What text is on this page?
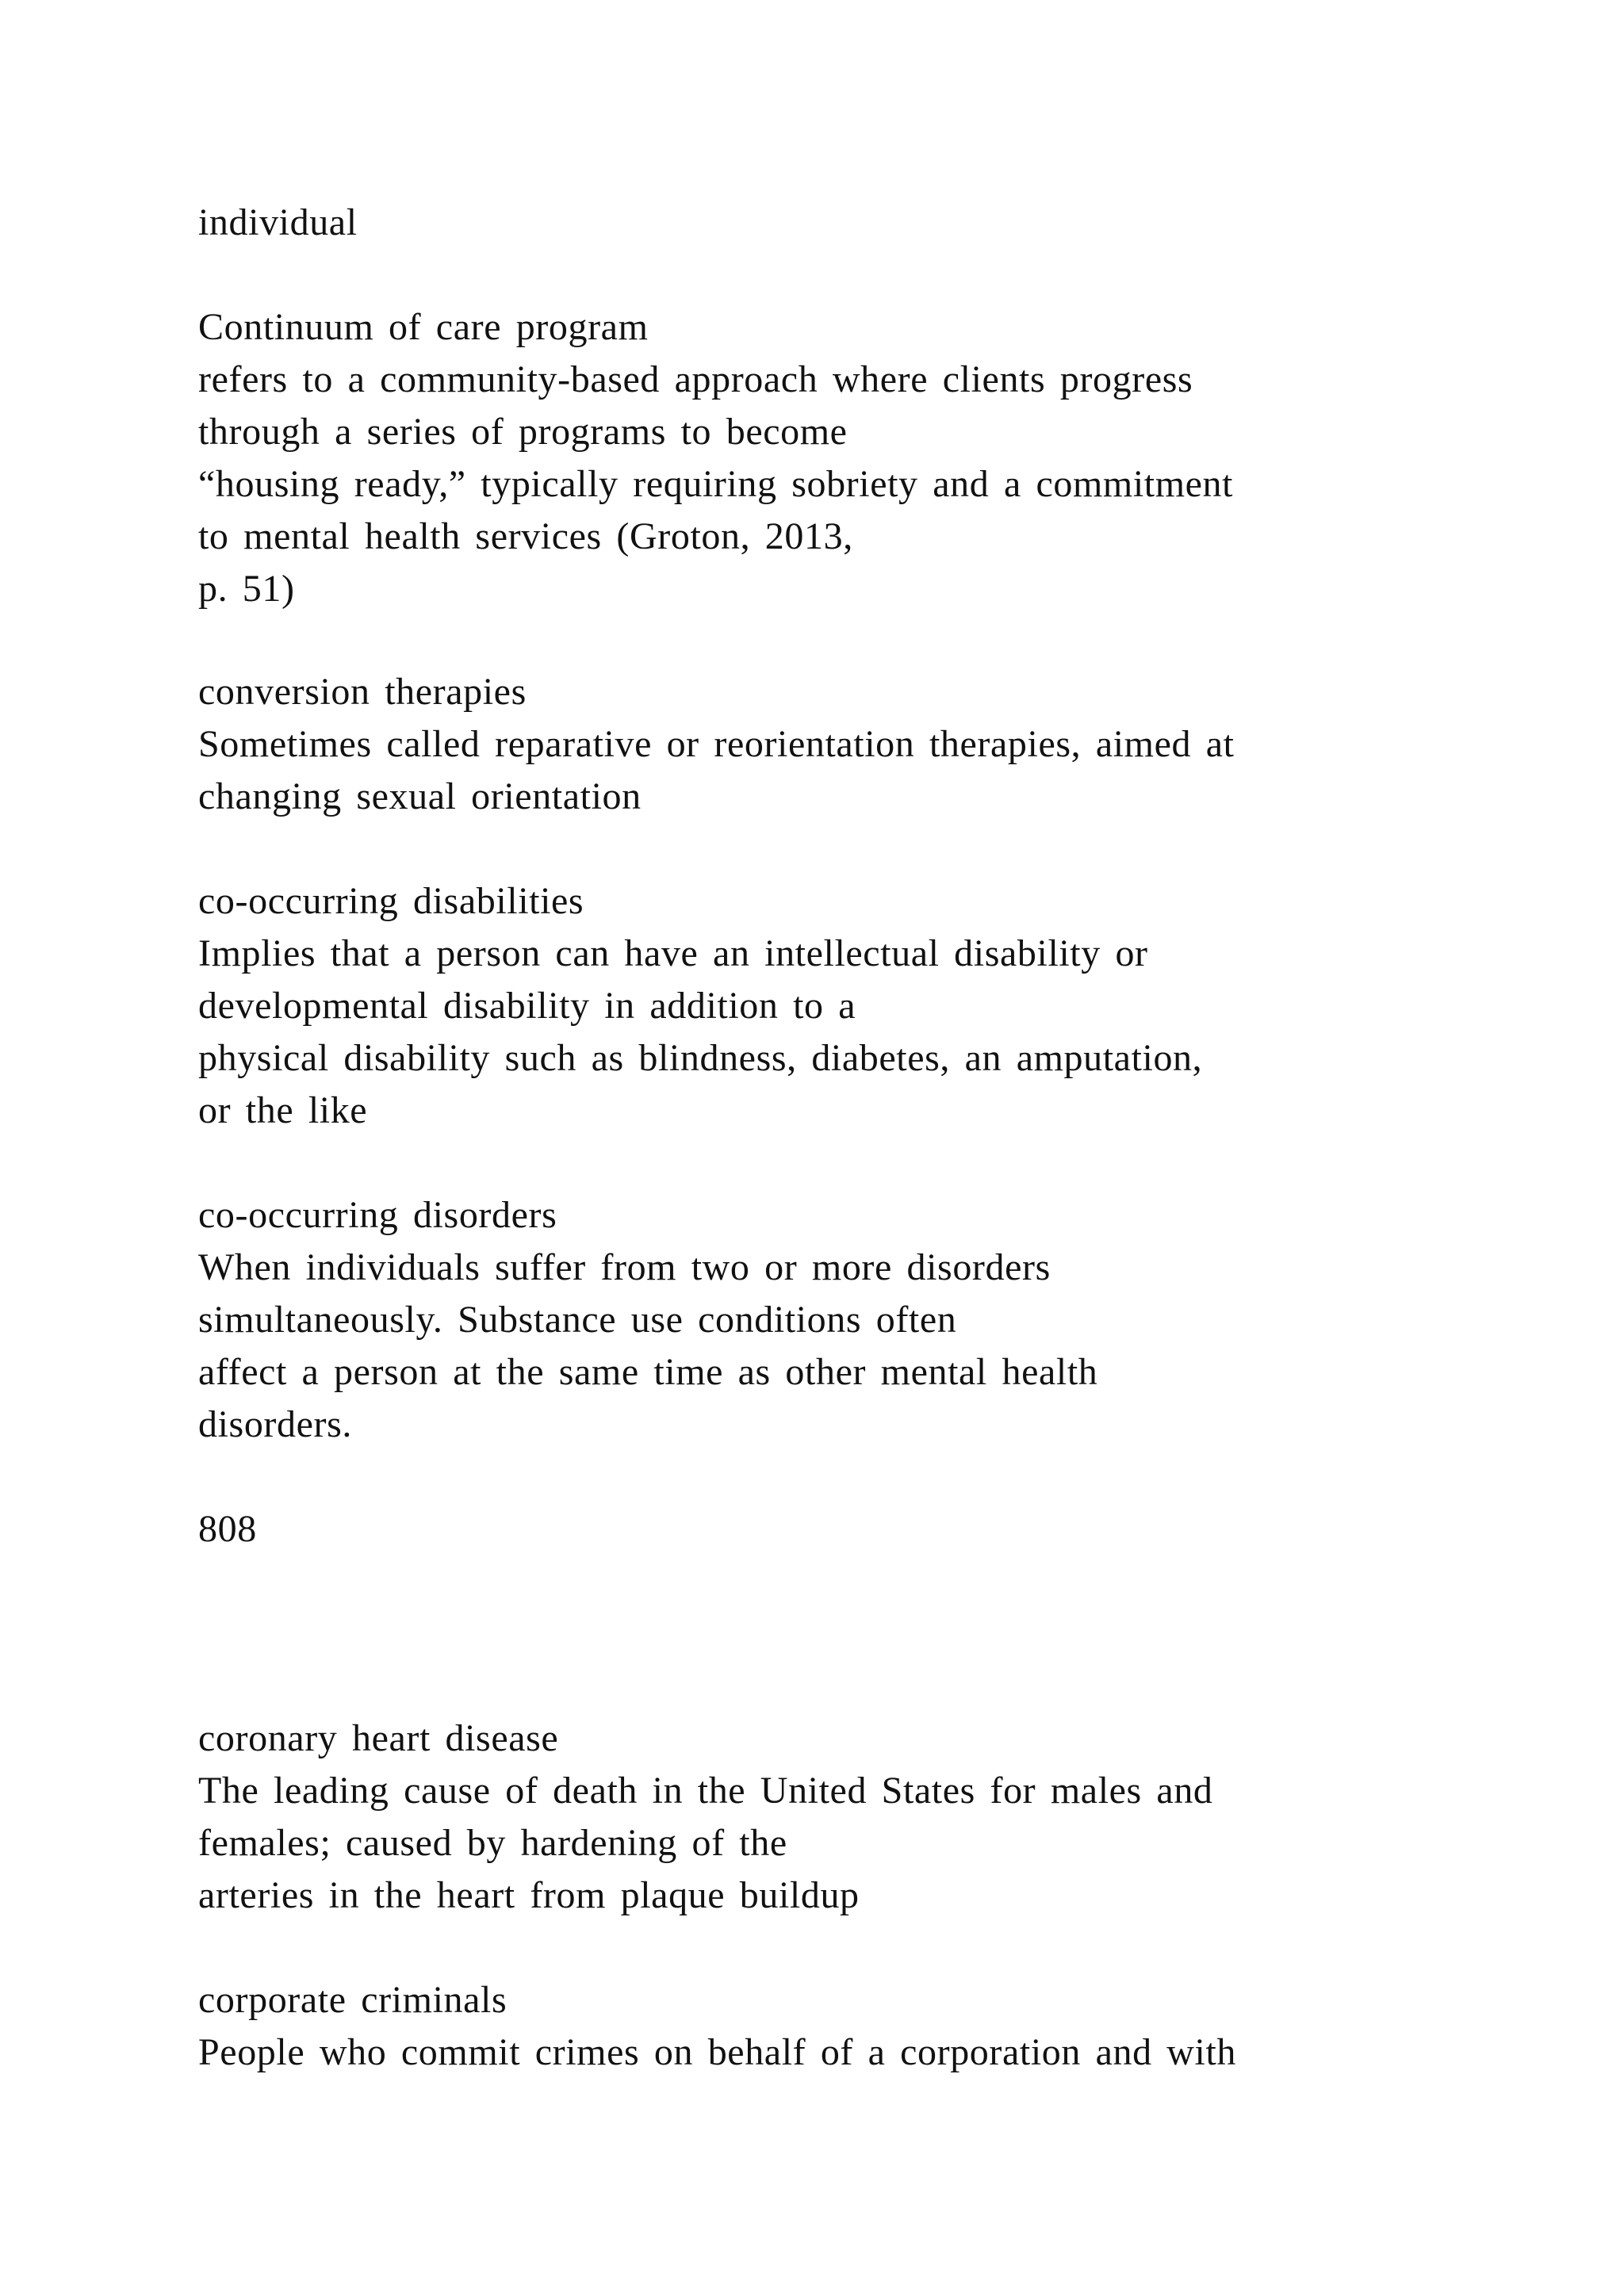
individual
Continuum of care program
refers to a community-based approach where clients progress
through a series of programs to become
“housing ready,” typically requiring sobriety and a commitment
to mental health services (Groton, 2013,
p. 51)
conversion therapies
Sometimes called reparative or reorientation therapies, aimed at
changing sexual orientation
co-occurring disabilities
Implies that a person can have an intellectual disability or
developmental disability in addition to a
physical disability such as blindness, diabetes, an amputation,
or the like
co-occurring disorders
When individuals suffer from two or more disorders
simultaneously. Substance use conditions often
affect a person at the same time as other mental health
disorders.
808
coronary heart disease
The leading cause of death in the United States for males and
females; caused by hardening of the
arteries in the heart from plaque buildup
corporate criminals
People who commit crimes on behalf of a corporation and with
